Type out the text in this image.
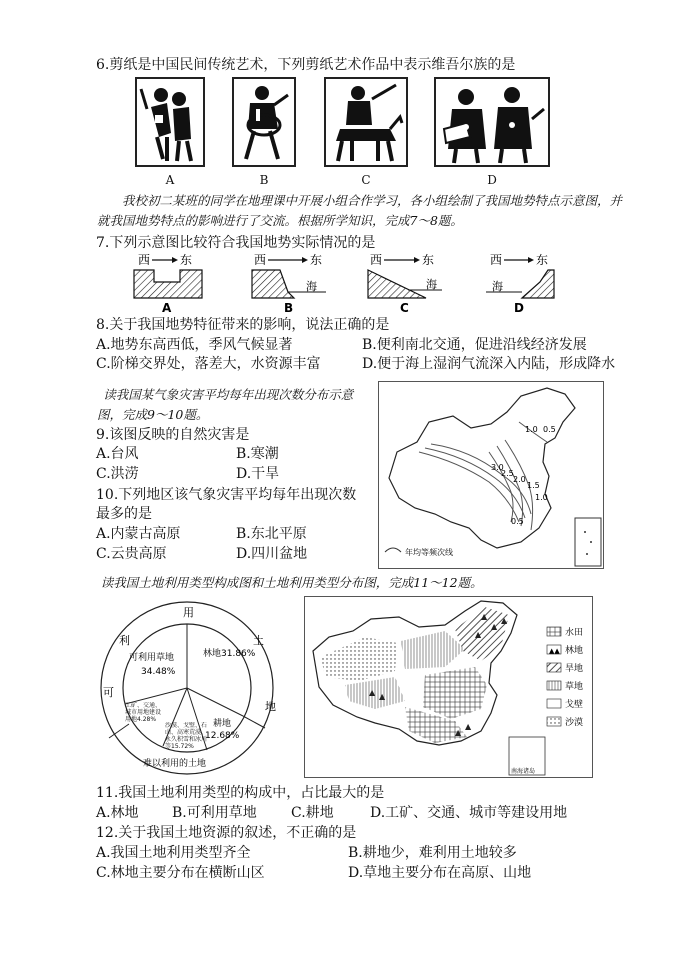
6.剪纸是中国民间传统艺术，下列剪纸艺术作品中表示维吾尔族的是
A	B	C	D
我校初二某班的同学在地理课中开展小组合作学习，各小组绘制了我国地势特点示意图，并就我国地势特点的影响进行了交流。根据所学知识，完成7～8题。
7.下列示意图比较符合我国地势实际情况的是
西 东
A
西	东
海
B
西	东
海
C
西	东
海
D
8.关于我国地势特征带来的影响，说法正确的是
A.地势东高西低，季风气候显著	B.便利南北交通，促进沿线经济发展
C.阶梯交界处，落差大，水资源丰富	D.便于海上湿润气流深入内陆，形成降水
读我国某气象灾害平均每年出现次数分布示意图，完成9～10题。
9.该图反映的自然灾害是
A.台风	B.寒潮
C.洪涝	D.干旱
10.下列地区该气象灾害平均每年出现次数
最多的是
A.内蒙古高原	B.东北平原
C.云贵高原	D.四川盆地
1.0 0.5
3.0
2.5
2.0
1.5
1.0
0.5
年均等频次线
读我国土地利用类型构成图和土地利用类型分布图，完成11～12题。
林地31.86%
可利用草地
34.48%
耕地
12.68%
工矿、交通、城市用地建设用地4.28%
沙漠、戈壁、石山、高寒荒漠、永久积雪和冰川等15.72%
用
利
可
土
地
难以利用的土地
▲
▲
▲
▲
▲ ▲
▲
▲
水田
▲▲ 林地
旱地
草地
戈壁
沙漠
南海诸岛
11.我国土地利用类型的构成中，占比最大的是
A.林地 B.可利用草地 C.耕地	D.工矿、交通、城市等建设用地
12.关于我国土地资源的叙述，不正确的是
A.我国土地利用类型齐全	B.耕地少，难利用土地较多
C.林地主要分布在横断山区	D.草地主要分布在高原、山地
